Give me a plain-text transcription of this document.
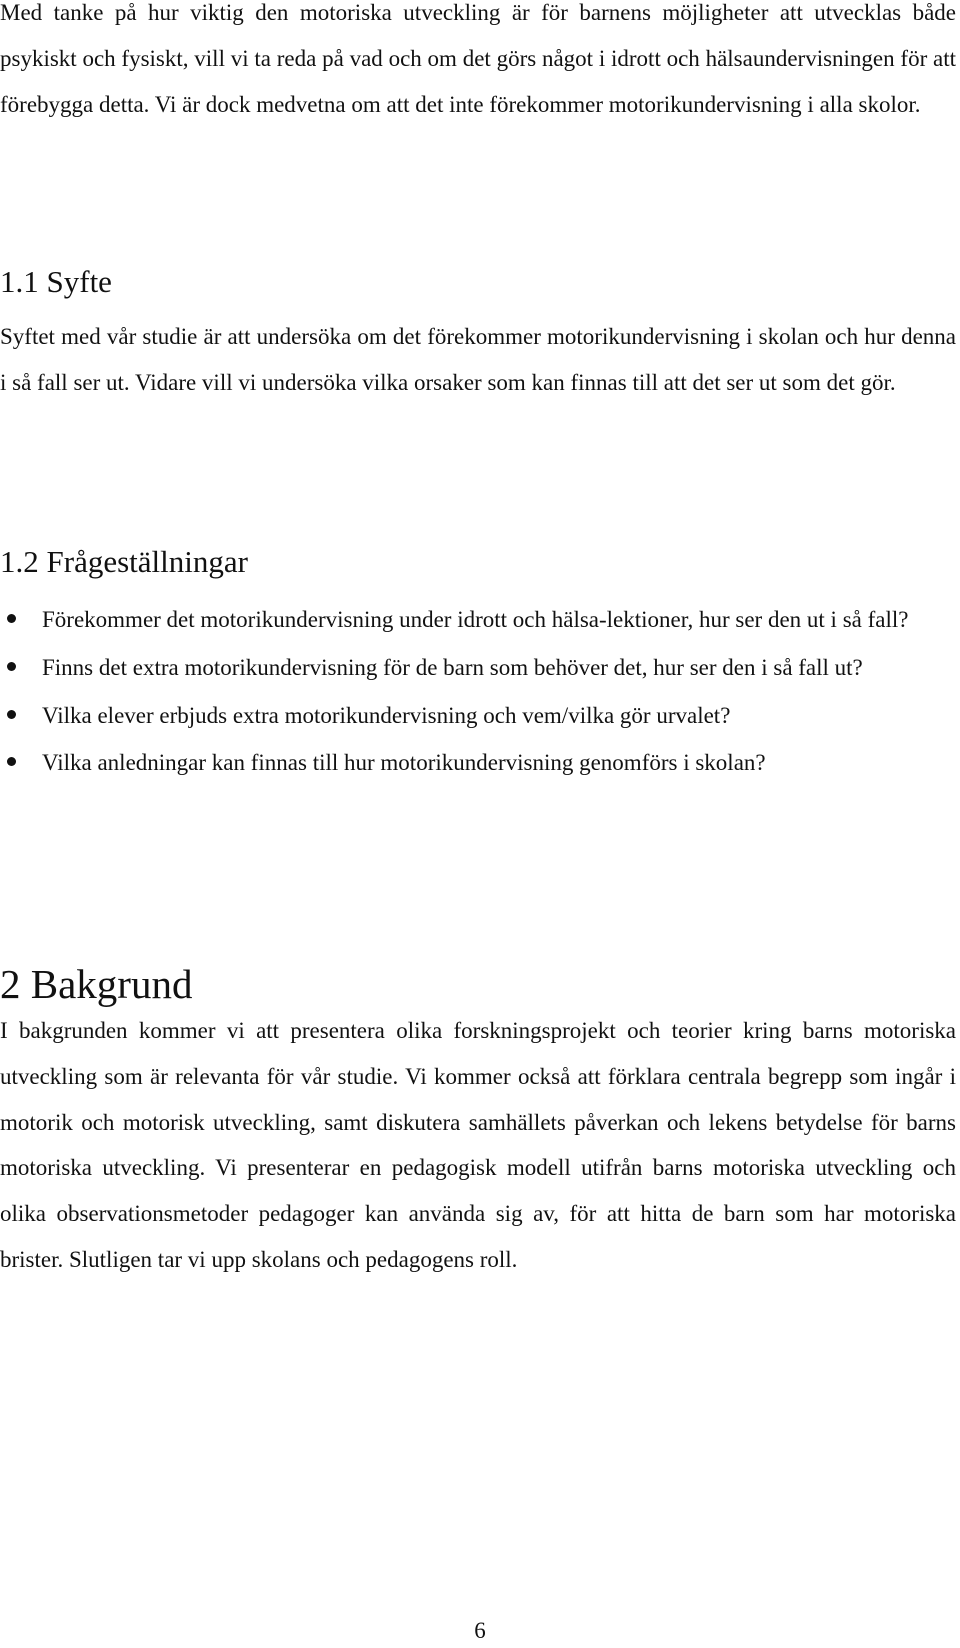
Med tanke på hur viktig den motoriska utveckling är för barnens möjligheter att utvecklas både psykiskt och fysiskt, vill vi ta reda på vad och om det görs något i idrott och hälsaundervisningen för att förebygga detta. Vi är dock medvetna om att det inte förekommer motorikundervisning i alla skolor.

1.1 Syfte

Syftet med vår studie är att undersöka om det förekommer motorikundervisning i skolan och hur denna i så fall ser ut. Vidare vill vi undersöka vilka orsaker som kan finnas till att det ser ut som det gör.

1.2 Frågeställningar
Förekommer det motorikundervisning under idrott och hälsa-lektioner, hur ser den ut i så fall?
Finns det extra motorikundervisning för de barn som behöver det, hur ser den i så fall ut?
Vilka elever erbjuds extra motorikundervisning och vem/vilka gör urvalet?
Vilka anledningar kan finnas till hur motorikundervisning genomförs i skolan?
2 Bakgrund

I bakgrunden kommer vi att presentera olika forskningsprojekt och teorier kring barns motoriska utveckling som är relevanta för vår studie. Vi kommer också att förklara centrala begrepp som ingår i motorik och motorisk utveckling, samt diskutera samhällets påverkan och lekens betydelse för barns motoriska utveckling. Vi presenterar en pedagogisk modell utifrån barns motoriska utveckling och olika observationsmetoder pedagoger kan använda sig av, för att hitta de barn som har motoriska brister. Slutligen tar vi upp skolans och pedagogens roll.

6
